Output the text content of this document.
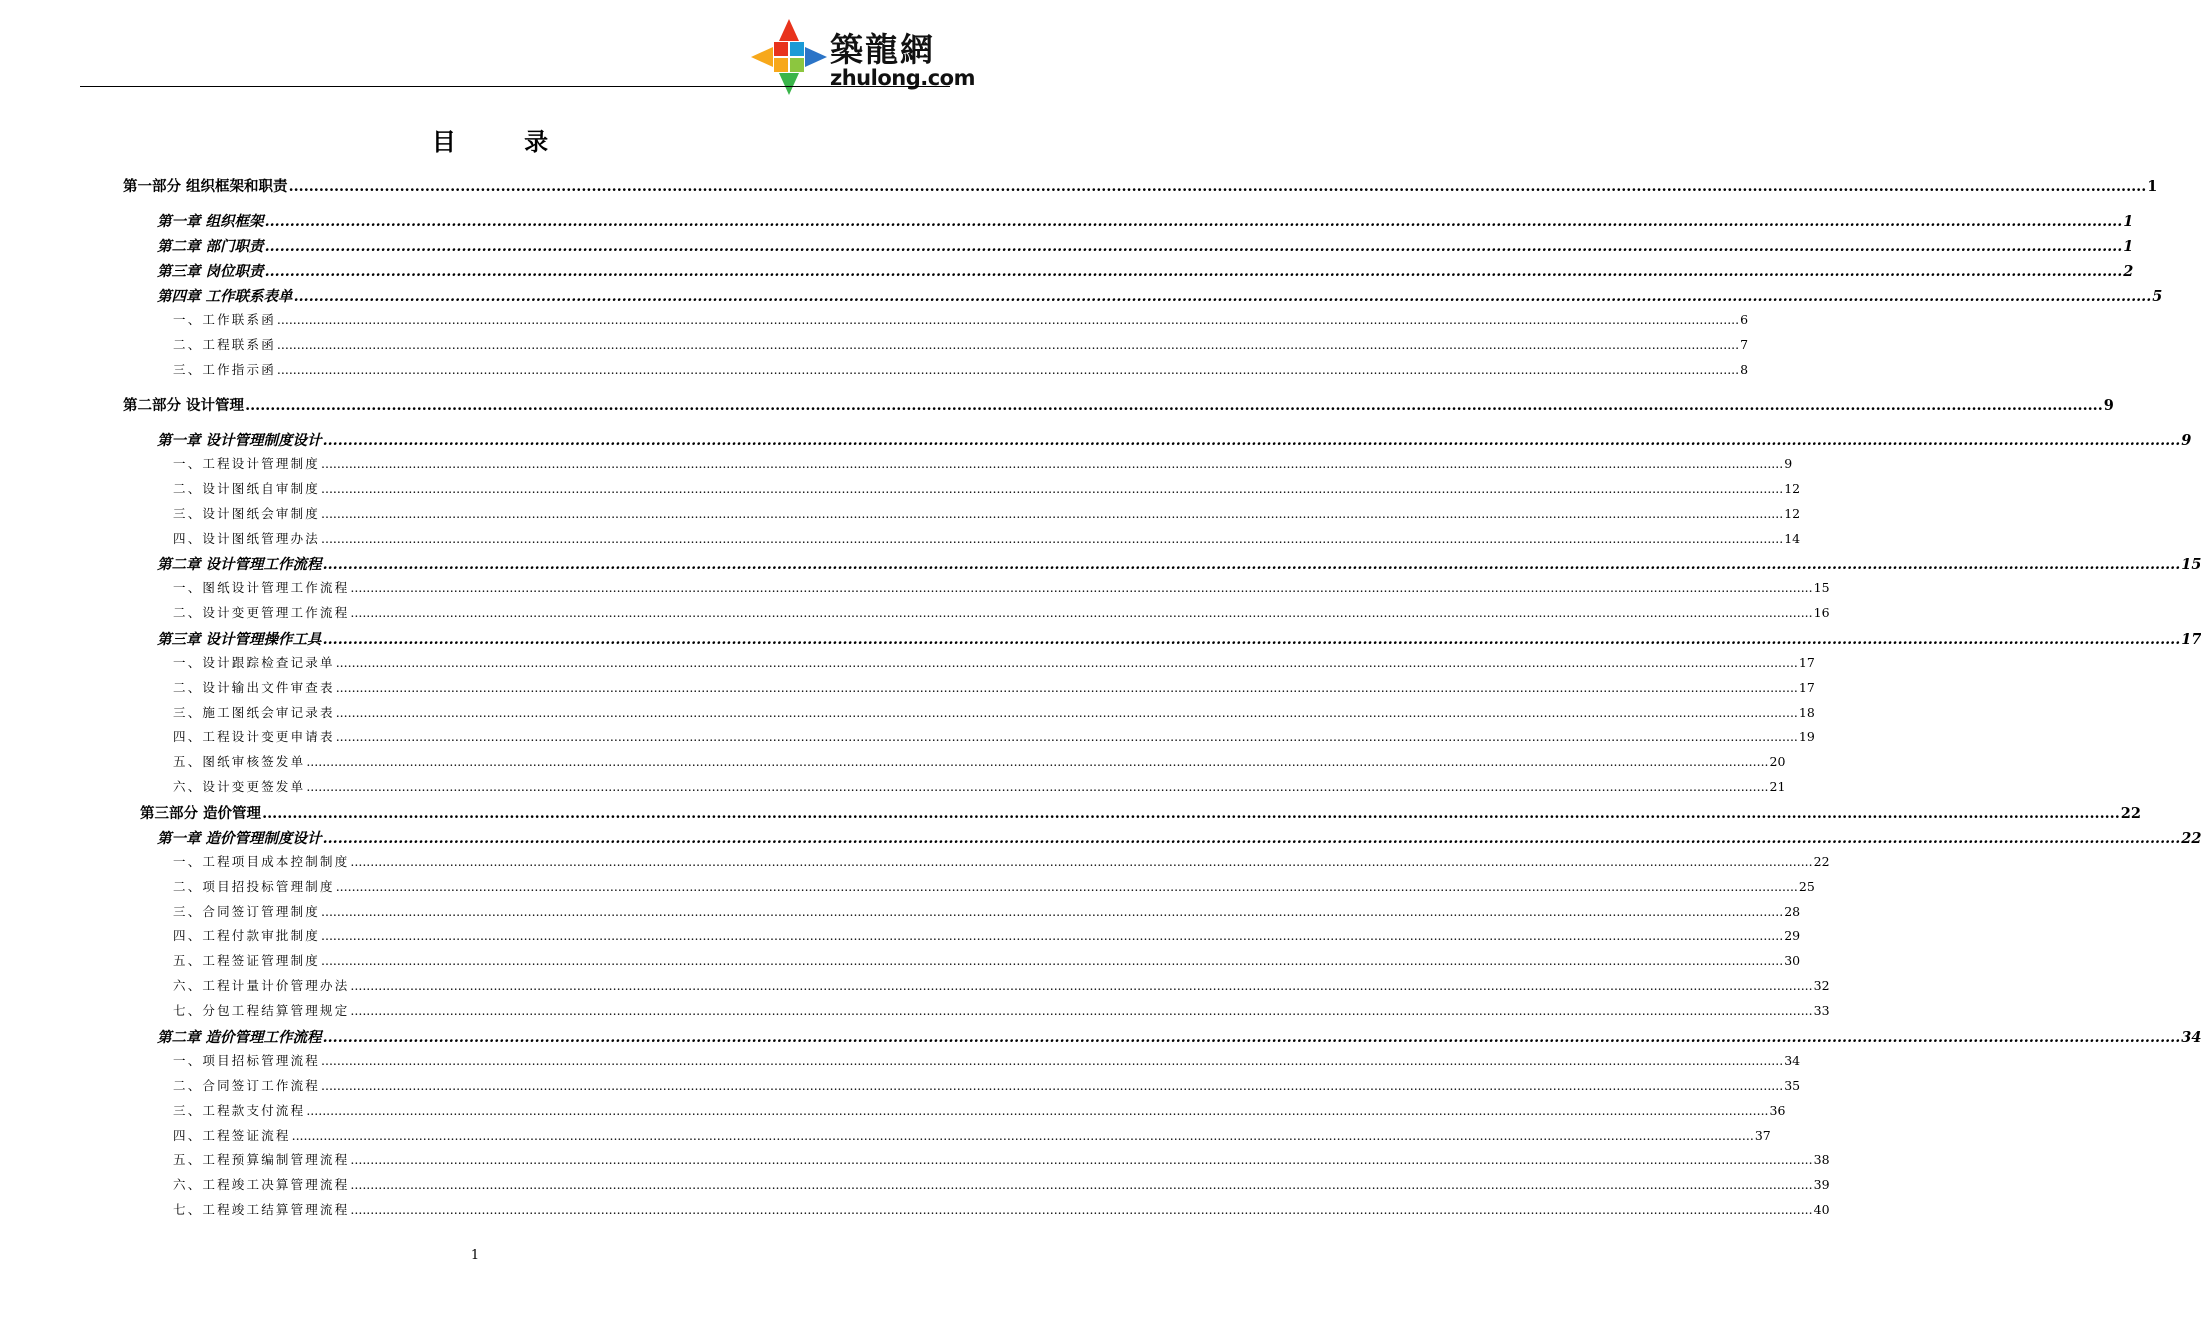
築龍網
zhulong.com
目 录
第一部分 组织框架和职责 .....	1
第一章 组织框架 .....	1
第二章 部门职责 .....	1
第三章 岗位职责 .....	2
第四章 工作联系表单 .....	5
一、工作联系函 .....	6
二、工程联系函 .....	7
三、工作指示函 .....	8
第二部分 设计管理 .....	9
第一章 设计管理制度设计 .....	9
一、工程设计管理制度 .....	9
二、设计图纸自审制度 .....	12
三、设计图纸会审制度 .....	12
四、设计图纸管理办法 .....	14
第二章 设计管理工作流程 .....	15
一、图纸设计管理工作流程 .....	15
二、设计变更管理工作流程 .....	16
第三章 设计管理操作工具 .....	17
一、设计跟踪检查记录单 .....	17
二、设计输出文件审查表 .....	17
三、施工图纸会审记录表 .....	18
四、工程设计变更申请表 .....	19
五、图纸审核签发单 .....	20
六、设计变更签发单 .....	21
第三部分 造价管理 .....	22
第一章 造价管理制度设计 .....	22
一、工程项目成本控制制度 .....	22
二、项目招投标管理制度 .....	25
三、合同签订管理制度 .....	28
四、工程付款审批制度 .....	29
五、工程签证管理制度 .....	30
六、工程计量计价管理办法 .....	32
七、分包工程结算管理规定 .....	33
第二章 造价管理工作流程 .....	34
一、项目招标管理流程 .....	34
二、合同签订工作流程 .....	35
三、工程款支付流程 .....	36
四、工程签证流程 .....	37
五、工程预算编制管理流程 .....	38
六、工程竣工决算管理流程 .....	39
七、工程竣工结算管理流程 .....	40
1
